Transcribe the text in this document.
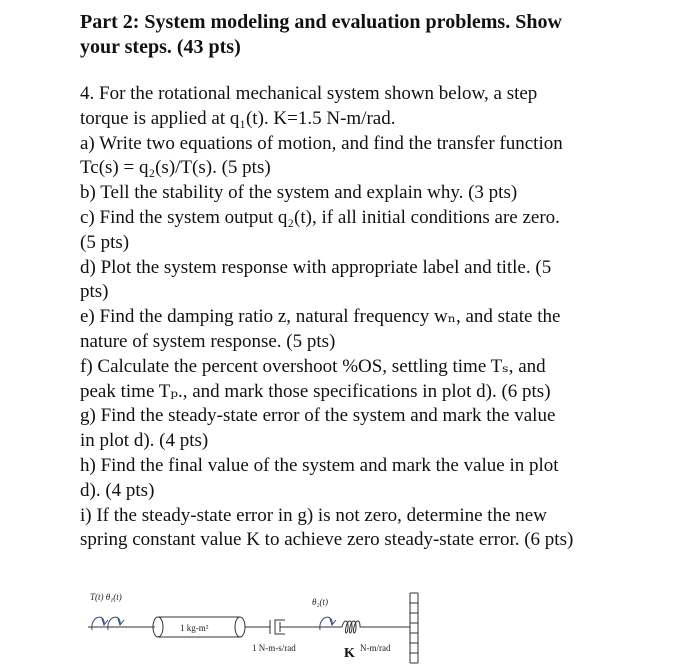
Part 2: System modeling and evaluation problems. Show

your steps. (43 pts)

4. For the rotational mechanical system shown below, a step

torque is applied at q₁(t). K=1.5 N-m/rad.

a) Write two equations of motion, and find the transfer function

Tc(s) = q₂(s)/T(s). (5 pts)

b) Tell the stability of the system and explain why. (3 pts)

c) Find the system output q₂(t), if all initial conditions are zero.

(5 pts)

d) Plot the system response with appropriate label and title. (5

pts)

e) Find the damping ratio z, natural frequency wₙ, and state the

nature of system response. (5 pts)

f) Calculate the percent overshoot %OS, settling time Tₛ, and

peak time Tₚ., and mark those specifications in plot d). (6 pts)

g) Find the steady-state error of the system and mark the value

in plot d). (4 pts)

h) Find the final value of the system and mark the value in plot

d). (4 pts)

i) If the steady-state error in g) is not zero, determine the new

spring constant value K to achieve zero steady-state error. (6 pts)

T(t) θ₁(t)
1 kg-m²
1 N-m-s/rad
θ₂(t)
K N-m/rad
